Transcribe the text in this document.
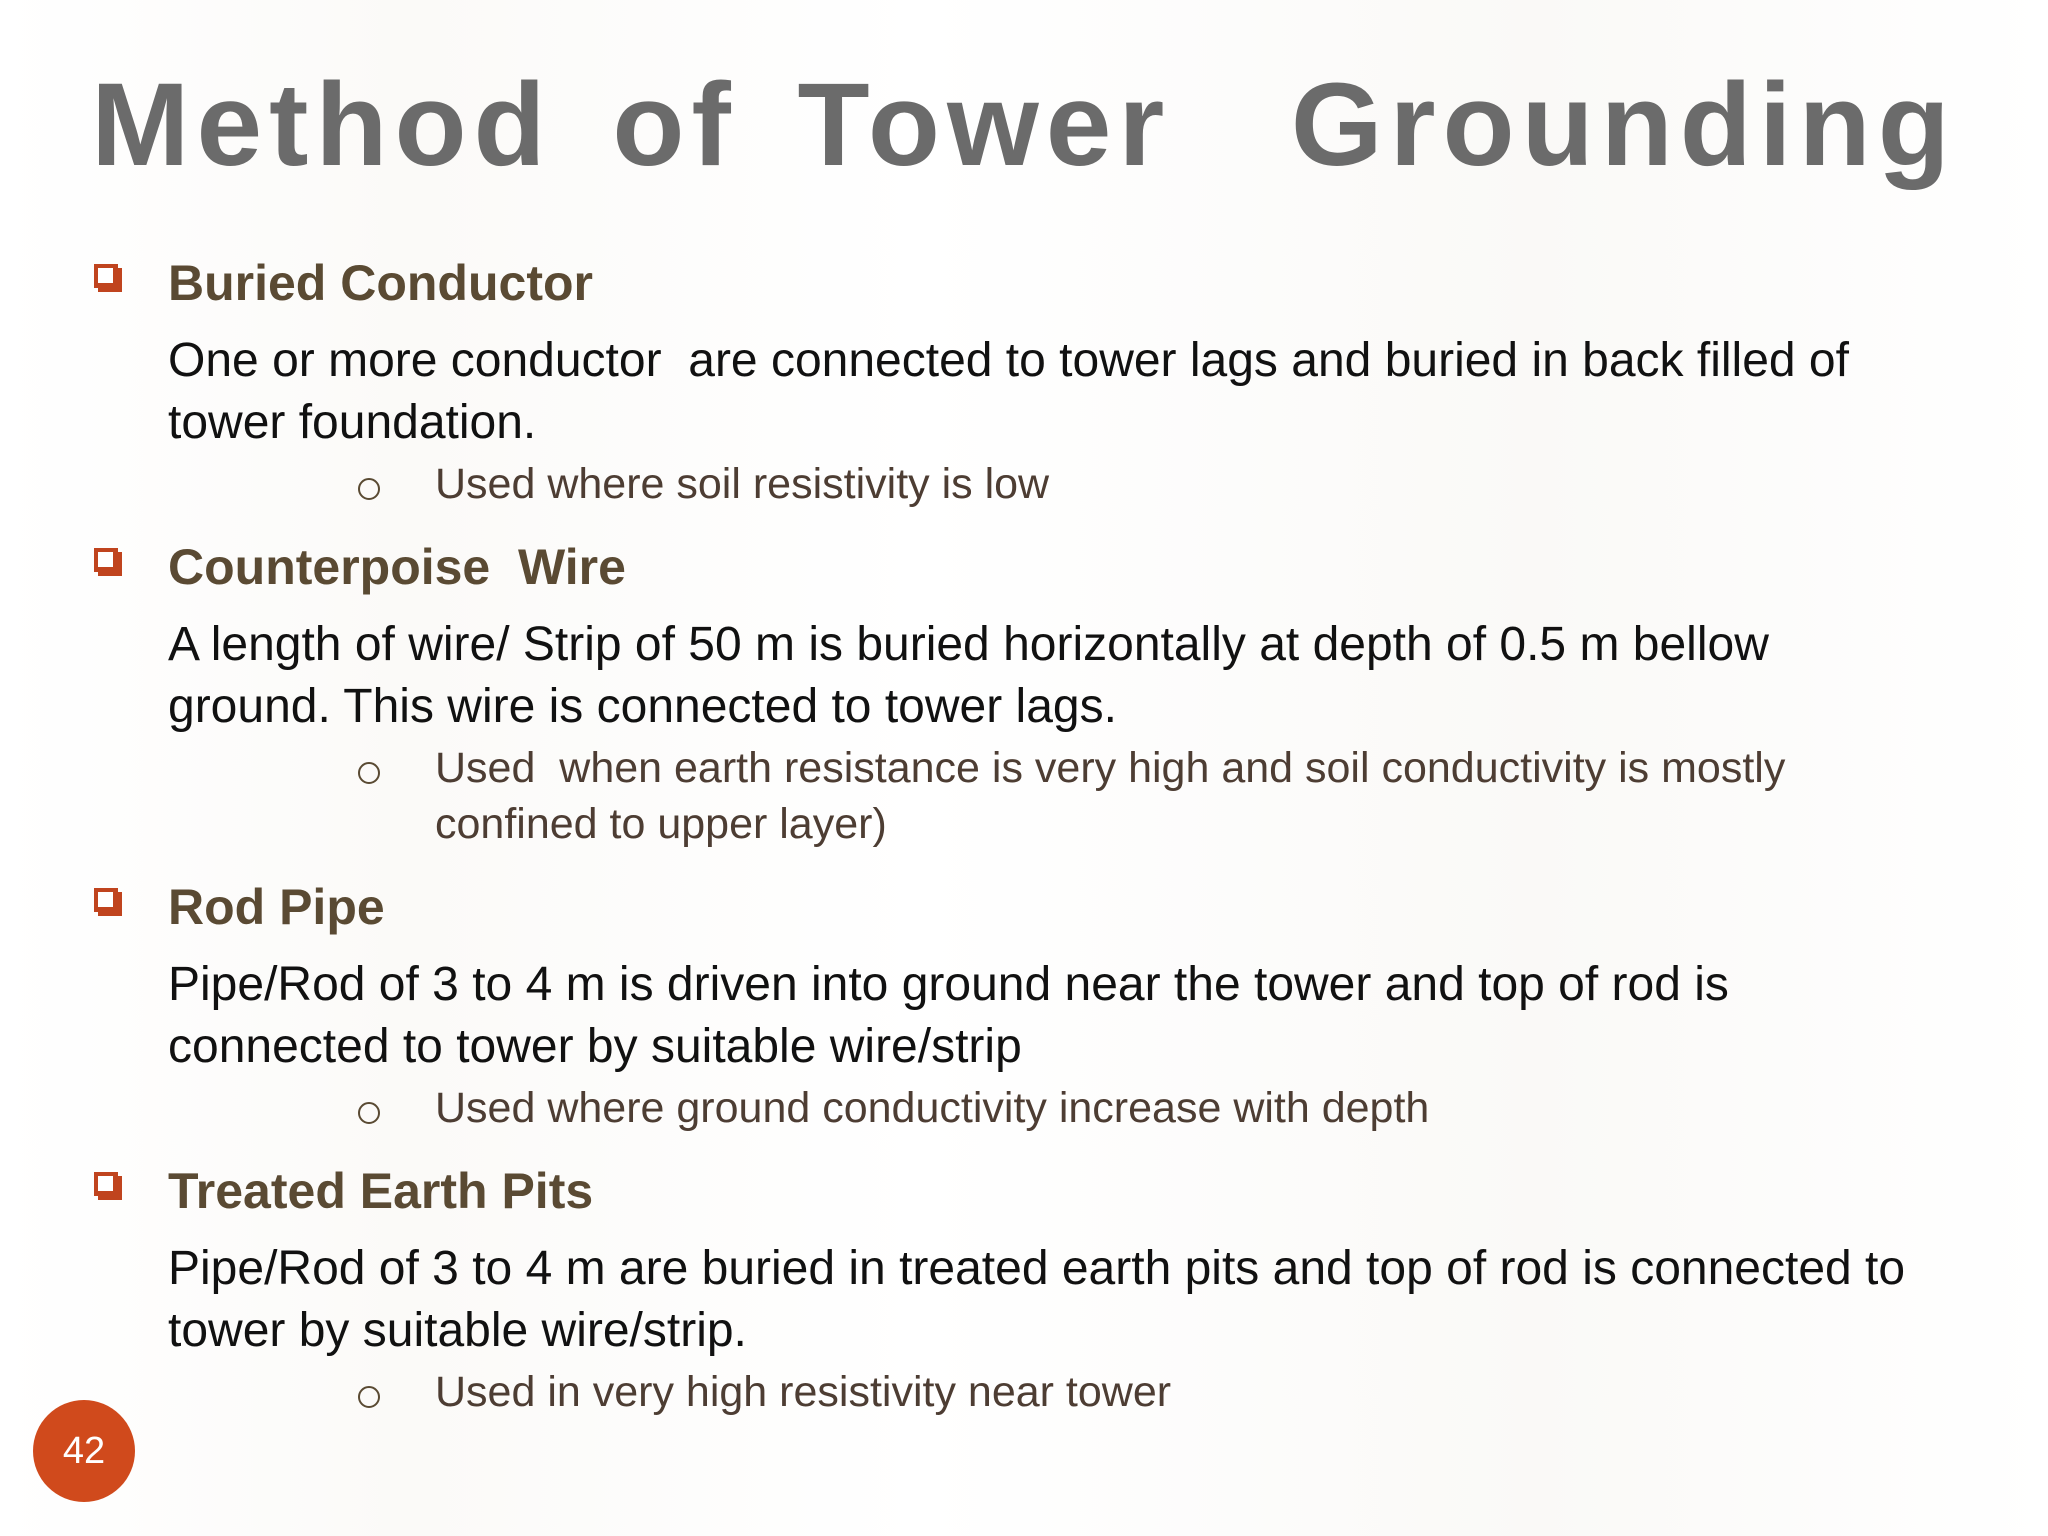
Method of Tower  Grounding
Buried Conductor
One or more conductor  are connected to tower lags and buried in back filled of tower foundation.
Used where soil resistivity is low
Counterpoise  Wire
A length of wire/ Strip of 50 m is buried horizontally at depth of 0.5 m bellow ground. This wire is connected to tower lags.
Used  when earth resistance is very high and soil conductivity is mostly confined to upper layer)
Rod Pipe
Pipe/Rod of 3 to 4 m is driven into ground near the tower and top of rod is connected to tower by suitable wire/strip
Used where ground conductivity increase with depth
Treated Earth Pits
Pipe/Rod of 3 to 4 m are buried in treated earth pits and top of rod is connected to tower by suitable wire/strip.
Used in very high resistivity near tower
42
